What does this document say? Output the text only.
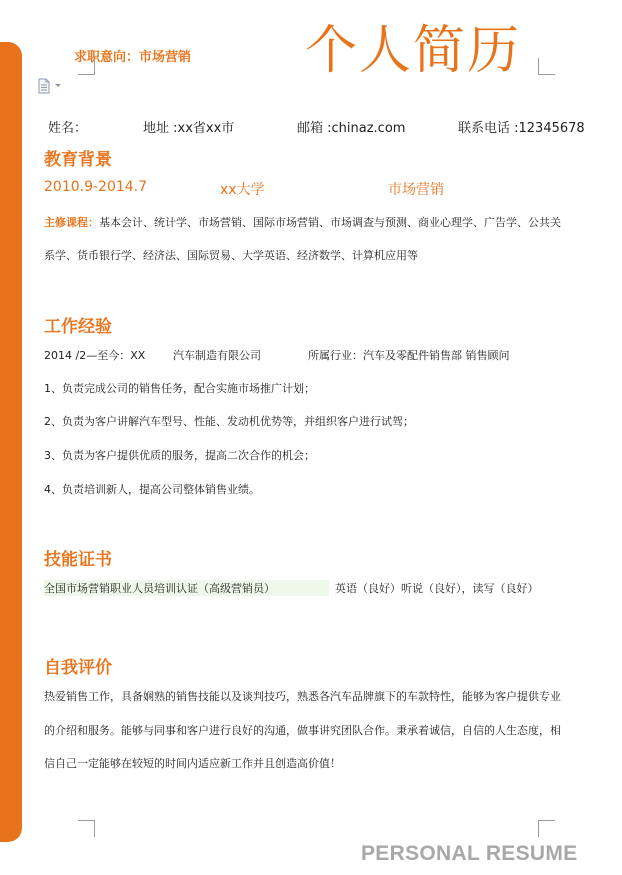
求职意向：市场营销 个人简历
姓名：	地址 :xx省xx市	邮箱 :chinaz.com	联系电话 :12345678
教育背景
2010.9-2014.7	xx大学	市场营销
主修课程：基本会计、统计学、市场营销、国际市场营销、市场调查与预测、商业心理学、广告学、公共关
系学、货币银行学、经济法、国际贸易、大学英语、经济数学、计算机应用等
工作经验
2014 /2—至今：XX	汽车制造有限公司	所属行业：汽车及零配件销售部 销售顾问
1、负责完成公司的销售任务，配合实施市场推广计划；
2、负责为客户讲解汽车型号、性能、发动机优势等，并组织客户进行试驾；
3、负责为客户提供优质的服务，提高二次合作的机会；
4、负责培训新人，提高公司整体销售业绩。
技能证书
全国市场营销职业人员培训认证（高级营销员）	英语（良好）听说（良好），读写（良好）
自我评价
热爱销售工作，具备娴熟的销售技能以及谈判技巧，熟悉各汽车品牌旗下的车款特性，能够为客户提供专业
的介绍和服务。能够与同事和客户进行良好的沟通，做事讲究团队合作。秉承着诚信，自信的人生态度，相
信自己一定能够在较短的时间内适应新工作并且创造高价值！
PERSONAL RESUME
